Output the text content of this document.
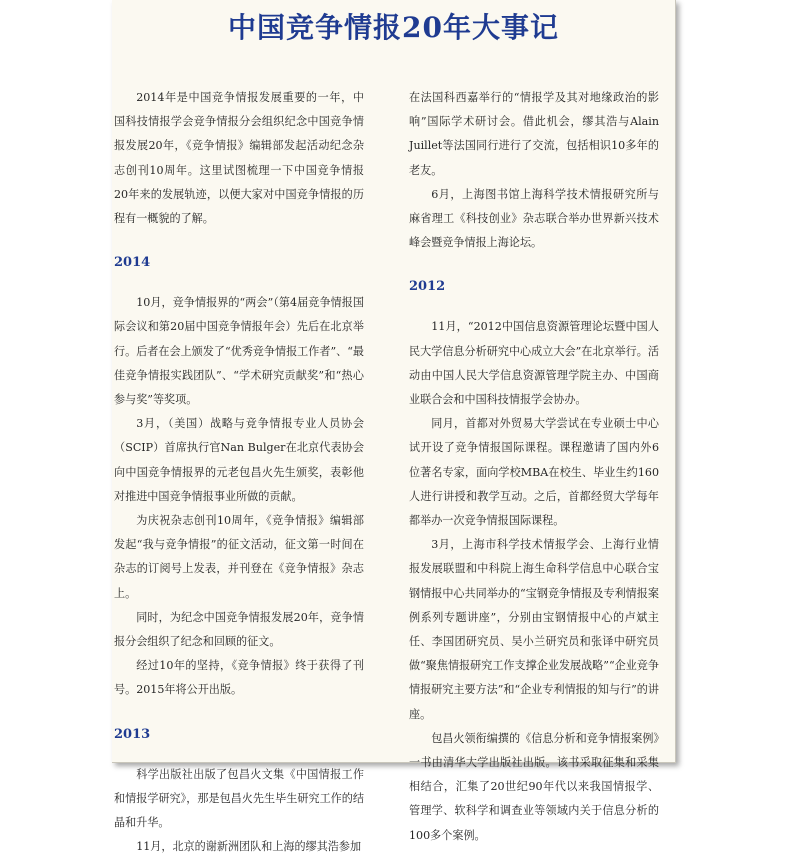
中国竞争情报20年大事记

2014年是中国竞争情报发展重要的一年，中国科技情报学会竞争情报分会组织纪念中国竞争情报发展20年，《竞争情报》编辑部发起活动纪念杂志创刊10周年。这里试图梳理一下中国竞争情报20年来的发展轨迹，以便大家对中国竞争情报的历程有一概貌的了解。

2014

10月，竞争情报界的“两会”（第4届竞争情报国际会议和第20届中国竞争情报年会）先后在北京举行。后者在会上颁发了“优秀竞争情报工作者”、“最佳竞争情报实践团队”、“学术研究贡献奖”和“热心参与奖”等奖项。

3月，（美国）战略与竞争情报专业人员协会（SCIP）首席执行官Nan Bulger在北京代表协会向中国竞争情报界的元老包昌火先生颁奖，表彰他对推进中国竞争情报事业所做的贡献。

为庆祝杂志创刊10周年，《竞争情报》编辑部发起“我与竞争情报”的征文活动，征文第一时间在杂志的订阅号上发表，并刊登在《竞争情报》杂志上。

同时，为纪念中国竞争情报发展20年，竞争情报分会组织了纪念和回顾的征文。

经过10年的坚持，《竞争情报》终于获得了刊号。2015年将公开出版。

2013

科学出版社出版了包昌火文集《中国情报工作和情报学研究》，那是包昌火先生毕生研究工作的结晶和升华。

11月，北京的谢新洲团队和上海的缪其浩参加

在法国科西嘉举行的“情报学及其对地缘政治的影响”国际学术研讨会。借此机会，缪其浩与Alain Juillet等法国同行进行了交流，包括相识10多年的老友。

6月，上海图书馆上海科学技术情报研究所与麻省理工《科技创业》杂志联合举办世界新兴技术峰会暨竞争情报上海论坛。

2012

11月，“2012中国信息资源管理论坛暨中国人民大学信息分析研究中心成立大会”在北京举行。活动由中国人民大学信息资源管理学院主办、中国商业联合会和中国科技情报学会协办。

同月，首都对外贸易大学尝试在专业硕士中心试开设了竞争情报国际课程。课程邀请了国内外6位著名专家，面向学校MBA在校生、毕业生约160人进行讲授和教学互动。之后，首都经贸大学每年都举办一次竞争情报国际课程。

3月，上海市科学技术情报学会、上海行业情报发展联盟和中科院上海生命科学信息中心联合宝钢情报中心共同举办的“宝钢竞争情报及专利情报案例系列专题讲座”，分别由宝钢情报中心的卢斌主任、李国团研究员、吴小兰研究员和张译中研究员做“聚焦情报研究工作支撑企业发展战略”“企业竞争情报研究主要方法”和“企业专利情报的知与行”的讲座。

包昌火领衔编撰的《信息分析和竞争情报案例》一书由清华大学出版社出版。该书采取征集和采集相结合，汇集了20世纪90年代以来我国情报学、管理学、软科学和调查业等领域内关于信息分析的100多个案例。
